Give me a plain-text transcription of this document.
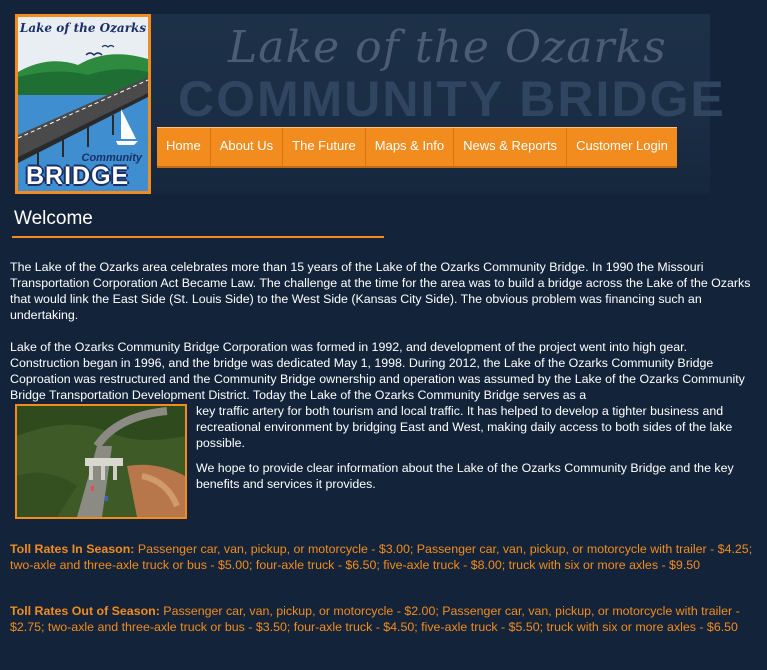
Lake of the Ozarks
COMMUNITY BRIDGE
Lake of the Ozarks
Community
BRIDGE
Home	About Us	The Future	Maps & Info	News & Reports	Customer Login
Welcome

The Lake of the Ozarks area celebrates more than 15 years of the Lake of the Ozarks Community Bridge. In 1990 the Missouri Transportation Corporation Act Became Law. The challenge at the time for the area was to build a bridge across the Lake of the Ozarks that would link the East Side (St. Louis Side) to the West Side (Kansas City Side). The obvious problem was financing such an undertaking.

Lake of the Ozarks Community Bridge Corporation was formed in 1992, and development of the project went into high gear. Construction began in 1996, and the bridge was dedicated May 1, 1998. During 2012, the Lake of the Ozarks Community Bridge Coproation was restructured and the Community Bridge ownership and operation was assumed by the Lake of the Ozarks Community Bridge Transportation Development District. Today the Lake of the Ozarks Community Bridge serves as a

key traffic artery for both tourism and local traffic. It has helped to develop a tighter business and recreational environment by bridging East and West, making daily access to both sides of the lake possible.

We hope to provide clear information about the Lake of the Ozarks Community Bridge and the key benefits and services it provides.

Toll Rates In Season: Passenger car, van, pickup, or motorcycle - $3.00; Passenger car, van, pickup, or motorcycle with trailer - $4.25; two-axle and three-axle truck or bus - $5.00; four-axle truck - $6.50; five-axle truck - $8.00; truck with six or more axles - $9.50

Toll Rates Out of Season: Passenger car, van, pickup, or motorcycle - $2.00; Passenger car, van, pickup, or motorcycle with trailer - $2.75; two-axle and three-axle truck or bus - $3.50; four-axle truck - $4.50; five-axle truck - $5.50; truck with six or more axles - $6.50
